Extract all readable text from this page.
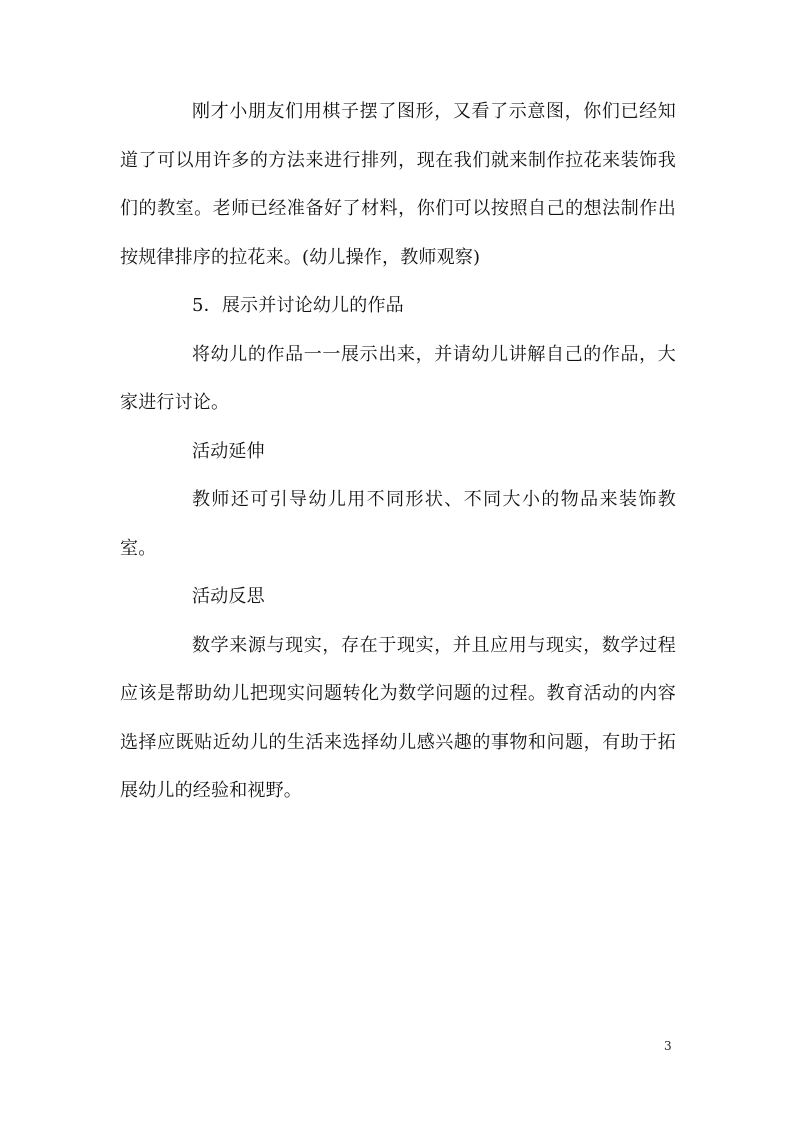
刚才小朋友们用棋子摆了图形，又看了示意图，你们已经知道了可以用许多的方法来进行排列，现在我们就来制作拉花来装饰我们的教室。老师已经准备好了材料，你们可以按照自己的想法制作出按规律排序的拉花来。(幼儿操作，教师观察)

5．展示并讨论幼儿的作品

将幼儿的作品一一展示出来，并请幼儿讲解自己的作品，大家进行讨论。

活动延伸

教师还可引导幼儿用不同形状、不同大小的物品来装饰教室。

活动反思

数学来源与现实，存在于现实，并且应用与现实，数学过程应该是帮助幼儿把现实问题转化为数学问题的过程。教育活动的内容选择应既贴近幼儿的生活来选择幼儿感兴趣的事物和问题，有助于拓展幼儿的经验和视野。

3
